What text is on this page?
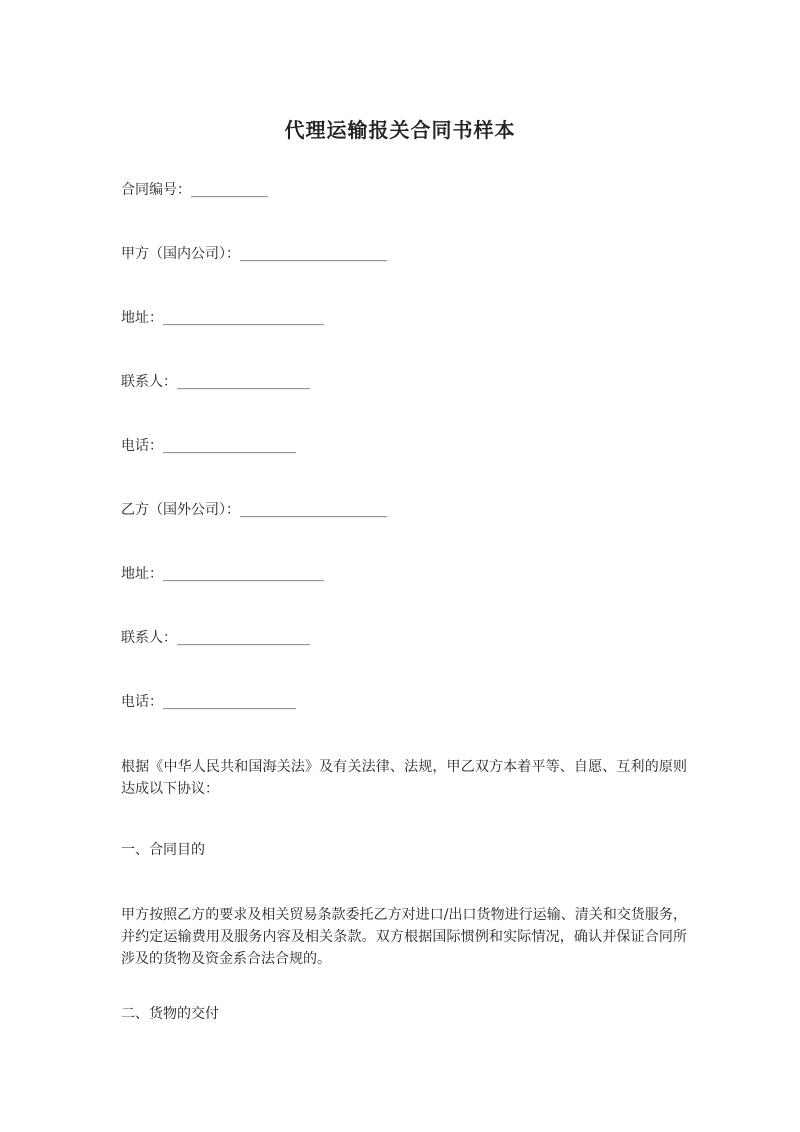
代理运输报关合同书样本
合同编号：___________
甲方（国内公司）：_____________________
地址：_______________________
联系人：___________________
电话：___________________
乙方（国外公司）：_____________________
地址：_______________________
联系人：___________________
电话：___________________
根据《中华人民共和国海关法》及有关法律、法规，甲乙双方本着平等、自愿、互利的原则达成以下协议：
一、合同目的
甲方按照乙方的要求及相关贸易条款委托乙方对进口/出口货物进行运输、清关和交货服务，并约定运输费用及服务内容及相关条款。双方根据国际惯例和实际情况，确认并保证合同所涉及的货物及资金系合法合规的。
二、货物的交付
